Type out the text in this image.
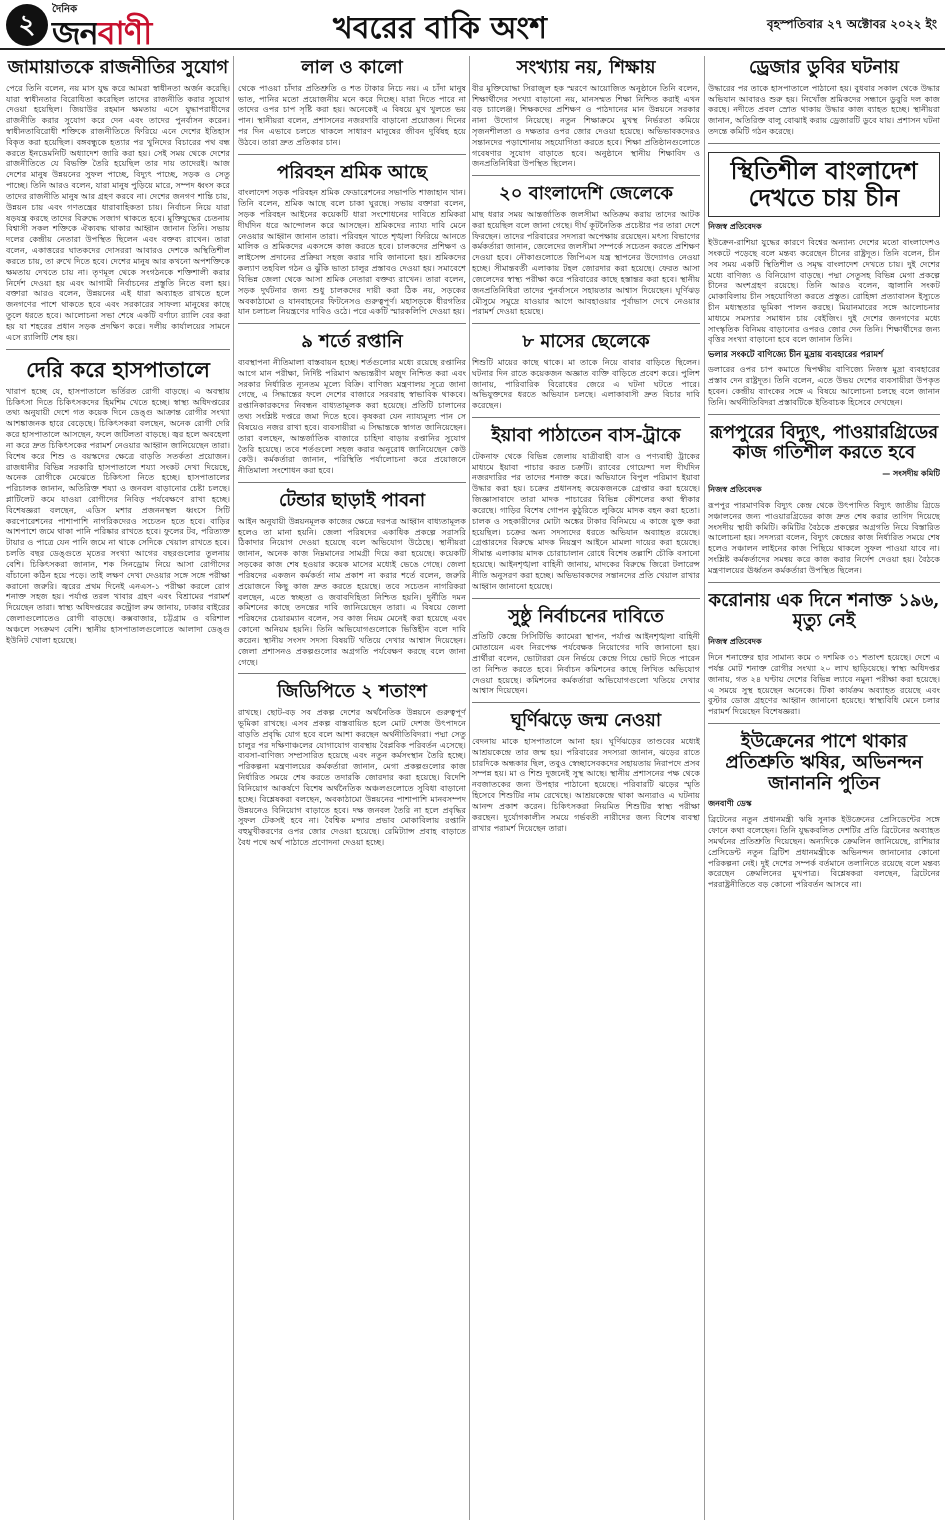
২
দৈনিক
জনবাণী	খবরের বাকি অংশ	বৃহস্পতিবার ২৭ অক্টোবর ২০২২ ইং
জামায়াতকে রাজনীতির সুযোগ
পেরে তিনি বলেন, নয় মাস যুদ্ধ করে আমরা স্বাধীনতা অর্জন করেছি। যারা স্বাধীনতার বিরোধিতা করেছিল তাদের রাজনীতি করার সুযোগ দেওয়া হয়েছিল। জিয়াউর রহমান ক্ষমতায় এসে যুদ্ধাপরাধীদের রাজনীতি করার সুযোগ করে দেন এবং তাদের পুনর্বাসন করেন। স্বাধীনতাবিরোধী শক্তিকে রাজনীতিতে ফিরিয়ে এনে দেশের ইতিহাস বিকৃত করা হয়েছিল। বঙ্গবন্ধুকে হত্যার পর খুনিদের বিচারের পথ বন্ধ করতে ইনডেমনিটি অধ্যাদেশ জারি করা হয়। সেই সময় থেকে দেশের রাজনীতিতে যে বিভক্তি তৈরি হয়েছিল তার দায় তাদেরই। আজ দেশের মানুষ উন্নয়নের সুফল পাচ্ছে, বিদ্যুৎ পাচ্ছে, সড়ক ও সেতু পাচ্ছে। তিনি আরও বলেন, যারা মানুষ পুড়িয়ে মারে, সম্পদ ধ্বংস করে তাদের রাজনীতি মানুষ আর গ্রহণ করবে না। দেশের জনগণ শান্তি চায়, উন্নয়ন চায় এবং গণতন্ত্রের ধারাবাহিকতা চায়। নির্বাচন নিয়ে যারা ষড়যন্ত্র করছে তাদের বিরুদ্ধে সজাগ থাকতে হবে। মুক্তিযুদ্ধের চেতনায় বিশ্বাসী সকল শক্তিকে ঐক্যবদ্ধ থাকার আহ্বান জানান তিনি। সভায় দলের কেন্দ্রীয় নেতারা উপস্থিত ছিলেন এবং বক্তব্য রাখেন। তারা বলেন, একাত্তরের ঘাতকদের দোসররা আবারও দেশকে অস্থিতিশীল করতে চায়, তা রুখে দিতে হবে। দেশের মানুষ আর কখনো অপশক্তিকে ক্ষমতায় দেখতে চায় না। তৃণমূল থেকে সংগঠনকে শক্তিশালী করার নির্দেশ দেওয়া হয় এবং আগামী নির্বাচনের প্রস্তুতি নিতে বলা হয়। বক্তারা আরও বলেন, উন্নয়নের এই ধারা অব্যাহত রাখতে হলে জনগণের পাশে থাকতে হবে এবং সরকারের সাফল্য মানুষের কাছে তুলে ধরতে হবে। আলোচনা সভা শেষে একটি বর্ণাঢ্য র‍্যালি বের করা হয় যা শহরের প্রধান সড়ক প্রদক্ষিণ করে। দলীয় কার্যালয়ের সামনে এসে র‍্যালিটি শেষ হয়।
দেরি করে হাসপাতালে
খারাপ হচ্ছে যে, হাসপাতালে ভর্তিরত রোগী বাড়ছে। এ অবস্থায় চিকিৎসা দিতে চিকিৎসকদের হিমশিম খেতে হচ্ছে। স্বাস্থ্য অধিদপ্তরের তথ্য অনুযায়ী দেশে গত কয়েক দিনে ডেঙ্গু আক্রান্ত রোগীর সংখ্যা আশঙ্কাজনক হারে বেড়েছে। চিকিৎসকরা বলছেন, অনেক রোগী দেরি করে হাসপাতালে আসছেন, ফলে জটিলতা বাড়ছে। জ্বর হলে অবহেলা না করে দ্রুত চিকিৎসকের পরামর্শ নেওয়ার আহ্বান জানিয়েছেন তারা। বিশেষ করে শিশু ও বয়স্কদের ক্ষেত্রে বাড়তি সতর্কতা প্রয়োজন। রাজধানীর বিভিন্ন সরকারি হাসপাতালে শয্যা সংকট দেখা দিয়েছে, অনেক রোগীকে মেঝেতে চিকিৎসা নিতে হচ্ছে। হাসপাতালের পরিচালক জানান, অতিরিক্ত শয্যা ও জনবল বাড়ানোর চেষ্টা চলছে। প্লাটিলেট কমে যাওয়া রোগীদের নিবিড় পর্যবেক্ষণে রাখা হচ্ছে। বিশেষজ্ঞরা বলছেন, এডিস মশার প্রজননস্থল ধ্বংসে সিটি করপোরেশনের পাশাপাশি নাগরিকদেরও সচেতন হতে হবে। বাড়ির আশপাশে জমে থাকা পানি পরিষ্কার রাখতে হবে। ফুলের টব, পরিত্যক্ত টায়ার ও পাত্রে যেন পানি জমে না থাকে সেদিকে খেয়াল রাখতে হবে। চলতি বছর ডেঙ্গুতে মৃতের সংখ্যা আগের বছরগুলোর তুলনায় বেশি। চিকিৎসকরা জানান, শক সিনড্রোম নিয়ে আসা রোগীদের বাঁচানো কঠিন হয়ে পড়ে। তাই লক্ষণ দেখা দেওয়ার সঙ্গে সঙ্গে পরীক্ষা করানো জরুরি। জ্বরের প্রথম দিনেই এনএস-১ পরীক্ষা করলে রোগ শনাক্ত সহজ হয়। পর্যাপ্ত তরল খাবার গ্রহণ এবং বিশ্রামের পরামর্শ দিয়েছেন তারা। স্বাস্থ্য অধিদপ্তরের কন্ট্রোল রুম জানায়, ঢাকার বাইরের জেলাগুলোতেও রোগী বাড়ছে। কক্সবাজার, চট্টগ্রাম ও বরিশাল অঞ্চলে সংক্রমণ বেশি। স্থানীয় হাসপাতালগুলোতে আলাদা ডেঙ্গু ইউনিট খোলা হয়েছে।
লাল ও কালো
থেকে পাওয়া চাঁদার প্রতিশ্রুতি ও শত টাকার নিচে নয়। এ চাঁদা মানুষ ভাত, পানির মতো প্রয়োজনীয় মনে করে দিচ্ছে। যারা দিতে পারে না তাদের ওপর চাপ সৃষ্টি করা হয়। অনেকেই এ বিষয়ে মুখ খুলতে ভয় পান। স্থানীয়রা বলেন, প্রশাসনের নজরদারি বাড়ানো প্রয়োজন। দিনের পর দিন এভাবে চলতে থাকলে সাধারণ মানুষের জীবন দুর্বিষহ হয়ে উঠবে। তারা দ্রুত প্রতিকার চান।
পরিবহন শ্রমিক আছে
বাংলাদেশ সড়ক পরিবহন শ্রমিক ফেডারেশনের সভাপতি শাজাহান খান। তিনি বলেন, শ্রমিক আছে বলে চাকা ঘুরছে। সভায় বক্তারা বলেন, সড়ক পরিবহন আইনের কয়েকটি ধারা সংশোধনের দাবিতে শ্রমিকরা দীর্ঘদিন ধরে আন্দোলন করে আসছেন। শ্রমিকদের ন্যায্য দাবি মেনে নেওয়ার আহ্বান জানান তারা। পরিবহন খাতে শৃঙ্খলা ফিরিয়ে আনতে মালিক ও শ্রমিকদের একসঙ্গে কাজ করতে হবে। চালকদের প্রশিক্ষণ ও লাইসেন্স প্রদানের প্রক্রিয়া সহজ করার দাবি জানানো হয়। শ্রমিকদের কল্যাণ তহবিল গঠন ও ঝুঁকি ভাতা চালুর প্রস্তাবও দেওয়া হয়। সমাবেশে বিভিন্ন জেলা থেকে আসা শ্রমিক নেতারা বক্তব্য রাখেন। তারা বলেন, সড়ক দুর্ঘটনার জন্য শুধু চালকদের দায়ী করা ঠিক নয়, সড়কের অবকাঠামো ও যানবাহনের ফিটনেসও গুরুত্বপূর্ণ। মহাসড়কে ধীরগতির যান চলাচল নিয়ন্ত্রণের দাবিও ওঠে। পরে একটি স্মারকলিপি দেওয়া হয়।
৯ শর্তে রপ্তানি
ব্যবস্থাপনা নীতিমালা বাস্তবায়ন হচ্ছে। শর্তগুলোর মধ্যে রয়েছে রপ্তানির আগে মান পরীক্ষা, নির্দিষ্ট পরিমাণ অভ্যন্তরীণ মজুদ নিশ্চিত করা এবং সরকার নির্ধারিত ন্যূনতম মূল্যে বিক্রি। বাণিজ্য মন্ত্রণালয় সূত্রে জানা গেছে, এ সিদ্ধান্তের ফলে দেশের বাজারে সরবরাহ স্বাভাবিক থাকবে। রপ্তানিকারকদের নিবন্ধন বাধ্যতামূলক করা হয়েছে। প্রতিটি চালানের তথ্য সংশ্লিষ্ট দপ্তরে জমা দিতে হবে। কৃষকরা যেন ন্যায্যমূল্য পান সে বিষয়েও নজর রাখা হবে। ব্যবসায়ীরা এ সিদ্ধান্তকে স্বাগত জানিয়েছেন। তারা বলছেন, আন্তর্জাতিক বাজারে চাহিদা বাড়ায় রপ্তানির সুযোগ তৈরি হয়েছে। তবে শর্তগুলো সহজ করার অনুরোধ জানিয়েছেন কেউ কেউ। কর্মকর্তারা জানান, পরিস্থিতি পর্যালোচনা করে প্রয়োজনে নীতিমালা সংশোধন করা হবে।
টেন্ডার ছাড়াই পাবনা
আইন অনুযায়ী উন্নয়নমূলক কাজের ক্ষেত্রে দরপত্র আহ্বান বাধ্যতামূলক হলেও তা মানা হয়নি। জেলা পরিষদের একাধিক প্রকল্পে সরাসরি ঠিকাদার নিয়োগ দেওয়া হয়েছে বলে অভিযোগ উঠেছে। স্থানীয়রা জানান, অনেক কাজ নিম্নমানের সামগ্রী দিয়ে করা হয়েছে। কয়েকটি সড়কের কাজ শেষ হওয়ার কয়েক মাসের মধ্যেই ভেঙে গেছে। জেলা পরিষদের একজন কর্মকর্তা নাম প্রকাশ না করার শর্তে বলেন, জরুরি প্রয়োজনে কিছু কাজ দ্রুত করতে হয়েছে। তবে সচেতন নাগরিকরা বলছেন, এতে স্বচ্ছতা ও জবাবদিহিতা নিশ্চিত হয়নি। দুর্নীতি দমন কমিশনের কাছে তদন্তের দাবি জানিয়েছেন তারা। এ বিষয়ে জেলা পরিষদের চেয়ারম্যান বলেন, সব কাজ নিয়ম মেনেই করা হয়েছে এবং কোনো অনিয়ম হয়নি। তিনি অভিযোগগুলোকে ভিত্তিহীন বলে দাবি করেন। স্থানীয় সংসদ সদস্য বিষয়টি খতিয়ে দেখার আশ্বাস দিয়েছেন। জেলা প্রশাসনও প্রকল্পগুলোর অগ্রগতি পর্যবেক্ষণ করছে বলে জানা গেছে।
জিডিপিতে ২ শতাংশ
রাখছে। ছোট-বড় সব প্রকল্প দেশের অর্থনৈতিক উন্নয়নে গুরুত্বপূর্ণ ভূমিকা রাখছে। এসব প্রকল্প বাস্তবায়িত হলে মোট দেশজ উৎপাদনে বাড়তি প্রবৃদ্ধি যোগ হবে বলে আশা করছেন অর্থনীতিবিদরা। পদ্মা সেতু চালুর পর দক্ষিণাঞ্চলের যোগাযোগ ব্যবস্থায় বৈপ্লবিক পরিবর্তন এসেছে। ব্যবসা-বাণিজ্য সম্প্রসারিত হয়েছে এবং নতুন কর্মসংস্থান তৈরি হচ্ছে। পরিকল্পনা মন্ত্রণালয়ের কর্মকর্তারা জানান, মেগা প্রকল্পগুলোর কাজ নির্ধারিত সময়ে শেষ করতে তদারকি জোরদার করা হয়েছে। বিদেশি বিনিয়োগ আকর্ষণে বিশেষ অর্থনৈতিক অঞ্চলগুলোতে সুবিধা বাড়ানো হচ্ছে। বিশ্লেষকরা বলছেন, অবকাঠামো উন্নয়নের পাশাপাশি মানবসম্পদ উন্নয়নেও বিনিয়োগ বাড়াতে হবে। দক্ষ জনবল তৈরি না হলে প্রবৃদ্ধির সুফল টেকসই হবে না। বৈশ্বিক মন্দার প্রভাব মোকাবিলায় রপ্তানি বহুমুখীকরণের ওপর জোর দেওয়া হয়েছে। রেমিট্যান্স প্রবাহ বাড়াতে বৈধ পথে অর্থ পাঠাতে প্রণোদনা দেওয়া হচ্ছে।
সংখ্যায় নয়, শিক্ষায়
বীর মুক্তিযোদ্ধা সিরাজুল হক স্মরণে আয়োজিত অনুষ্ঠানে তিনি বলেন, শিক্ষার্থীদের সংখ্যা বাড়ানো নয়, মানসম্মত শিক্ষা নিশ্চিত করাই এখন বড় চ্যালেঞ্জ। শিক্ষকদের প্রশিক্ষণ ও পাঠদানের মান উন্নয়নে সরকার নানা উদ্যোগ নিয়েছে। নতুন শিক্ষাক্রমে মুখস্থ নির্ভরতা কমিয়ে সৃজনশীলতা ও দক্ষতার ওপর জোর দেওয়া হয়েছে। অভিভাবকদেরও সন্তানদের পড়াশোনায় সহযোগিতা করতে হবে। শিক্ষা প্রতিষ্ঠানগুলোতে গবেষণার সুযোগ বাড়াতে হবে। অনুষ্ঠানে স্থানীয় শিক্ষাবিদ ও জনপ্রতিনিধিরা উপস্থিত ছিলেন।
২০ বাংলাদেশি জেলেকে
মাছ ধরার সময় আন্তর্জাতিক জলসীমা অতিক্রম করায় তাদের আটক করা হয়েছিল বলে জানা গেছে। দীর্ঘ কূটনৈতিক প্রচেষ্টার পর তারা দেশে ফিরছেন। তাদের পরিবারের সদস্যরা অপেক্ষায় রয়েছেন। মৎস্য বিভাগের কর্মকর্তারা জানান, জেলেদের জলসীমা সম্পর্কে সচেতন করতে প্রশিক্ষণ দেওয়া হবে। নৌকাগুলোতে জিপিএস যন্ত্র স্থাপনের উদ্যোগও নেওয়া হচ্ছে। সীমান্তবর্তী এলাকায় টহল জোরদার করা হয়েছে। ফেরত আসা জেলেদের স্বাস্থ্য পরীক্ষা করে পরিবারের কাছে হস্তান্তর করা হবে। স্থানীয় জনপ্রতিনিধিরা তাদের পুনর্বাসনে সহায়তার আশ্বাস দিয়েছেন। ঘূর্ণিঝড় মৌসুমে সমুদ্রে যাওয়ার আগে আবহাওয়ার পূর্বাভাস দেখে নেওয়ার পরামর্শ দেওয়া হয়েছে।
৮ মাসের ছেলেকে
শিশুটি মায়ের কাছে থাকে। মা তাকে নিয়ে বাবার বাড়িতে ছিলেন। ঘটনার দিন রাতে কয়েকজন অজ্ঞাত ব্যক্তি বাড়িতে প্রবেশ করে। পুলিশ জানায়, পারিবারিক বিরোধের জেরে এ ঘটনা ঘটতে পারে। অভিযুক্তদের ধরতে অভিযান চলছে। এলাকাবাসী দ্রুত বিচার দাবি করেছেন।
ইয়াবা পাঠাতেন বাস-ট্রাকে
টেকনাফ থেকে বিভিন্ন জেলায় যাত্রীবাহী বাস ও পণ্যবাহী ট্রাকের মাধ্যমে ইয়াবা পাচার করত চক্রটি। র‍্যাবের গোয়েন্দা দল দীর্ঘদিন নজরদারির পর তাদের শনাক্ত করে। অভিযানে বিপুল পরিমাণ ইয়াবা উদ্ধার করা হয়। চক্রের প্রধানসহ কয়েকজনকে গ্রেপ্তার করা হয়েছে। জিজ্ঞাসাবাদে তারা মাদক পাচারের বিভিন্ন কৌশলের কথা স্বীকার করেছে। গাড়ির বিশেষ গোপন কুঠুরিতে লুকিয়ে মাদক বহন করা হতো। চালক ও সহকারীদের মোটা অঙ্কের টাকার বিনিময়ে এ কাজে যুক্ত করা হয়েছিল। চক্রের অন্য সদস্যদের ধরতে অভিযান অব্যাহত রয়েছে। গ্রেপ্তারদের বিরুদ্ধে মাদক নিয়ন্ত্রণ আইনে মামলা দায়ের করা হয়েছে। সীমান্ত এলাকায় মাদক চোরাচালান রোধে বিশেষ তল্লাশি চৌকি বসানো হয়েছে। আইনশৃঙ্খলা বাহিনী জানায়, মাদকের বিরুদ্ধে জিরো টলারেন্স নীতি অনুসরণ করা হচ্ছে। অভিভাবকদের সন্তানদের প্রতি খেয়াল রাখার আহ্বান জানানো হয়েছে।
সুষ্ঠু নির্বাচনের দাবিতে
প্রতিটি কেন্দ্রে সিসিটিভি ক্যামেরা স্থাপন, পর্যাপ্ত আইনশৃঙ্খলা বাহিনী মোতায়েন এবং নিরপেক্ষ পর্যবেক্ষক নিয়োগের দাবি জানানো হয়। প্রার্থীরা বলেন, ভোটাররা যেন নির্ভয়ে কেন্দ্রে গিয়ে ভোট দিতে পারেন তা নিশ্চিত করতে হবে। নির্বাচন কমিশনের কাছে লিখিত অভিযোগ দেওয়া হয়েছে। কমিশনের কর্মকর্তারা অভিযোগগুলো খতিয়ে দেখার আশ্বাস দিয়েছেন।
ঘূর্ণিঝড়ে জন্ম নেওয়া
বেদনায় মাকে হাসপাতালে আনা হয়। ঘূর্ণিঝড়ের তাণ্ডবের মধ্যেই আশ্রয়কেন্দ্রে তার জন্ম হয়। পরিবারের সদস্যরা জানান, ঝড়ের রাতে চারদিকে অন্ধকার ছিল, তবুও স্বেচ্ছাসেবকদের সহায়তায় নিরাপদে প্রসব সম্পন্ন হয়। মা ও শিশু দুজনেই সুস্থ আছে। স্থানীয় প্রশাসনের পক্ষ থেকে নবজাতকের জন্য উপহার পাঠানো হয়েছে। পরিবারটি ঝড়ের স্মৃতি হিসেবে শিশুটির নাম রেখেছে। আশ্রয়কেন্দ্রে থাকা অন্যরাও এ ঘটনায় আনন্দ প্রকাশ করেন। চিকিৎসকরা নিয়মিত শিশুটির স্বাস্থ্য পরীক্ষা করছেন। দুর্যোগকালীন সময়ে গর্ভবতী নারীদের জন্য বিশেষ ব্যবস্থা রাখার পরামর্শ দিয়েছেন তারা।
ড্রেজার ডুবির ঘটনায়
উদ্ধারের পর তাকে হাসপাতালে পাঠানো হয়। বুধবার সকাল থেকে উদ্ধার অভিযান আবারও শুরু হয়। নিখোঁজ শ্রমিকদের সন্ধানে ডুবুরি দল কাজ করছে। নদীতে প্রবল স্রোত থাকায় উদ্ধার কাজ ব্যাহত হচ্ছে। স্থানীয়রা জানান, অতিরিক্ত বালু বোঝাই করায় ড্রেজারটি ডুবে যায়। প্রশাসন ঘটনা তদন্তে কমিটি গঠন করেছে।
স্থিতিশীল বাংলাদেশ দেখতে চায় চীন
নিজস্ব প্রতিবেদক
ইউক্রেন-রাশিয়া যুদ্ধের কারণে বিশ্বের অন্যান্য দেশের মতো বাংলাদেশও সংকটে পড়েছে বলে মন্তব্য করেছেন চীনের রাষ্ট্রদূত। তিনি বলেন, চীন সব সময় একটি স্থিতিশীল ও সমৃদ্ধ বাংলাদেশ দেখতে চায়। দুই দেশের মধ্যে বাণিজ্য ও বিনিয়োগ বাড়ছে। পদ্মা সেতুসহ বিভিন্ন মেগা প্রকল্পে চীনের অংশগ্রহণ রয়েছে। তিনি আরও বলেন, জ্বালানি সংকট মোকাবিলায় চীন সহযোগিতা করতে প্রস্তুত। রোহিঙ্গা প্রত্যাবাসন ইস্যুতে চীন মধ্যস্থতার ভূমিকা পালন করছে। মিয়ানমারের সঙ্গে আলোচনার মাধ্যমে সমস্যার সমাধান চায় বেইজিং। দুই দেশের জনগণের মধ্যে সাংস্কৃতিক বিনিময় বাড়ানোর ওপরও জোর দেন তিনি। শিক্ষার্থীদের জন্য বৃত্তির সংখ্যা বাড়ানো হবে বলে জানান তিনি।
ভলার সংকটে বাণিজ্যে চীন মুদ্রায় ব্যবহারের পরামর্শ
ডলারের ওপর চাপ কমাতে দ্বিপক্ষীয় বাণিজ্যে নিজস্ব মুদ্রা ব্যবহারের প্রস্তাব দেন রাষ্ট্রদূত। তিনি বলেন, এতে উভয় দেশের ব্যবসায়ীরা উপকৃত হবেন। কেন্দ্রীয় ব্যাংকের সঙ্গে এ বিষয়ে আলোচনা চলছে বলে জানান তিনি। অর্থনীতিবিদরা প্রস্তাবটিকে ইতিবাচক হিসেবে দেখছেন।
রূপপুরের বিদ্যুৎ, পাওয়ারগ্রিডের কাজ গতিশীল করতে হবে
— সংসদীয় কমিটি
নিজস্ব প্রতিবেদক
রূপপুর পারমাণবিক বিদ্যুৎ কেন্দ্র থেকে উৎপাদিত বিদ্যুৎ জাতীয় গ্রিডে সঞ্চালনের জন্য পাওয়ারগ্রিডের কাজ দ্রুত শেষ করার তাগিদ দিয়েছে সংসদীয় স্থায়ী কমিটি। কমিটির বৈঠকে প্রকল্পের অগ্রগতি নিয়ে বিস্তারিত আলোচনা হয়। সদস্যরা বলেন, বিদ্যুৎ কেন্দ্রের কাজ নির্ধারিত সময়ে শেষ হলেও সঞ্চালন লাইনের কাজ পিছিয়ে থাকলে সুফল পাওয়া যাবে না। সংশ্লিষ্ট কর্মকর্তাদের সমন্বয় করে কাজ করার নির্দেশ দেওয়া হয়। বৈঠকে মন্ত্রণালয়ের ঊর্ধ্বতন কর্মকর্তারা উপস্থিত ছিলেন।
করোনায় এক দিনে শনাক্ত ১৯৬, মৃত্যু নেই
নিজস্ব প্রতিবেদক
দিনে শনাক্তের হার সামান্য কমে ৩ দশমিক ৩১ শতাংশ হয়েছে। দেশে এ পর্যন্ত মোট শনাক্ত রোগীর সংখ্যা ২০ লাখ ছাড়িয়েছে। স্বাস্থ্য অধিদপ্তর জানায়, গত ২৪ ঘণ্টায় দেশের বিভিন্ন ল্যাবে নমুনা পরীক্ষা করা হয়েছে। এ সময়ে সুস্থ হয়েছেন অনেকে। টিকা কার্যক্রম অব্যাহত রয়েছে এবং বুস্টার ডোজ গ্রহণের আহ্বান জানানো হয়েছে। স্বাস্থ্যবিধি মেনে চলার পরামর্শ দিয়েছেন বিশেষজ্ঞরা।
ইউক্রেনের পাশে থাকার প্রতিশ্রুতি ঋষির, অভিনন্দন জানাননি পুতিন
জনবাণী ডেস্ক
ব্রিটেনের নতুন প্রধানমন্ত্রী ঋষি সুনাক ইউক্রেনের প্রেসিডেন্টের সঙ্গে ফোনে কথা বলেছেন। তিনি যুদ্ধকবলিত দেশটির প্রতি ব্রিটেনের অব্যাহত সমর্থনের প্রতিশ্রুতি দিয়েছেন। অন্যদিকে ক্রেমলিন জানিয়েছে, রাশিয়ার প্রেসিডেন্ট নতুন ব্রিটিশ প্রধানমন্ত্রীকে অভিনন্দন জানানোর কোনো পরিকল্পনা নেই। দুই দেশের সম্পর্ক বর্তমানে তলানিতে রয়েছে বলে মন্তব্য করেছেন ক্রেমলিনের মুখপাত্র। বিশ্লেষকরা বলছেন, ব্রিটেনের পররাষ্ট্রনীতিতে বড় কোনো পরিবর্তন আসবে না।
